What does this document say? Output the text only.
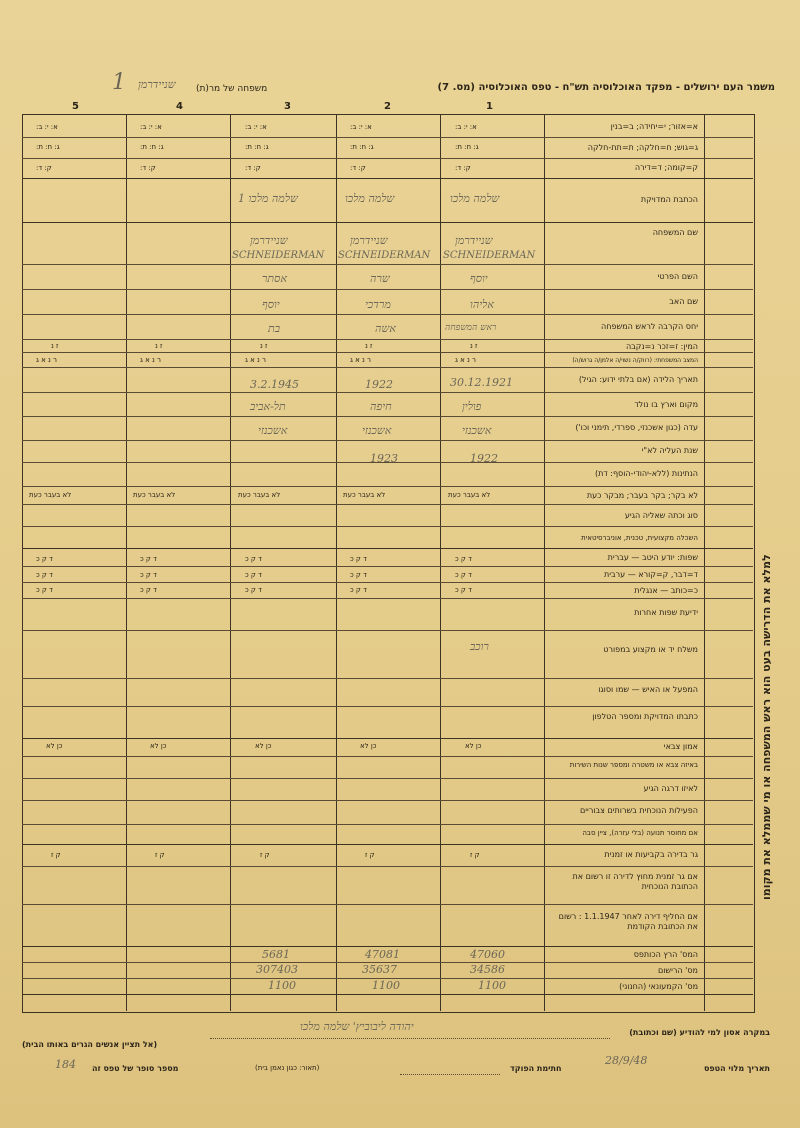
משמר העם ירושלים - מפקד האוכלוסיה תש"ח - טפס האוכלוסיה (מס. 7)
משפחה של מר(ת)
שניידרמן
1
1
2
3
4
5
א=אזור; י=יחידה; ב=בנין
ג=גוש; ח=חלקה; ת=תת-חלקה
ק=קומה; ד=דירה
הכתבת המדויקת
שם המשפחה
השם הפרטי
שם האב
יחס הקרבה לראש המשפחה
המין: ז=זכר נ=נקבה
המצב המשפחתי: (רווק/ה נשוי/ה אלמן/ה גרוש/ה)
תאריך הלידה (אם בלתי ידוע: הגיל)
מקום וארץ בו נולד
עדה (כגון אשכנזי, ספרדי, תימני וכו')
שנת העליה לא"י
הנתינות (ללא-יהודי-הוסף: דת)
לא בקר; בקר בעבר; מבקר כעת
סוג וכתה שאליה הגיע
השכלה מקצועית, טכנית, אוניברסיטאית
שפות: יודע היטב — עברית
ד=דבר, ק=קורא — ערבית
כ=כותב — אנגלית
ידיעת שפות אחרות
משלח יד או מקצוע במפורט
המפעל או האיש — שמו וסוגו
כתבתו המדויקת ומספר הטלפון
אמון צבאי
באיזה צבא או משטרה ומספר שנות השירות
לאיזו דרגה הגיע
הפעילות הנוכחית בשרותים צבוריים
אם מחוסר תנועה (בלי עזרה), ציין סבה
גר בדירה בקביעות או זמנית
אם גר זמנית מחוץ לדירה זו רשום את הכתובת הנוכחית
אם החליף דירה לאחר 1.1.1947 : רשום את הכתובת הקודמת
המס' הרץ הכותפס
מס' הרישום
מס' הקמעונאי (החנוני)
א: י: ב:
א: י: ב:
א: י: ב:
א: י: ב:
א: י: ב:
ג: ח: ת:
ג: ח: ת:
ג: ח: ת:
ג: ח: ת:
ג: ח: ת:
ק: ד:
ק: ד:
ק: ד:
ק: ד:
ק: ד:
ז נ
ז נ
ז נ
ז נ
ז נ
ר נ א ג
ר נ א ג
ר נ א ג
ר נ א ג
ר נ א ג
לא בעבר כעת
לא בעבר כעת
לא בעבר כעת
לא בעבר כעת
לא בעבר כעת
ד ק כ
ד ק כ
ד ק כ
ד ק כ
ד ק כ
ד ק כ
ד ק כ
ד ק כ
ד ק כ
ד ק כ
ד ק כ
ד ק כ
ד ק כ
ד ק כ
ד ק כ
כן לא
כן לא
כן לא
כן לא
כן לא
ק ז
ק ז
ק ז
ק ז
ק ז
שלמה מלכו
שניידרמן
SCHNEIDERMAN
יוסף
אליהו
ראש המשפחה
30.12.1921
פולין
אשכנזי
1922
רוכב
שלמה מלכו
שניידרמן
SCHNEIDERMAN
שרה
מרדכי
אשה
1922
חיפה
אשכנזי
1923
שלמה מלכו 1
שניידרמן
SCHNEIDERMAN
אסתר
יוסף
בת
3.2.1945
תל-אביב
אשכנזי
47060
34586
1100
47081
35637
1100
5681
307403
1100
למלא את הדרישה בעט הוא ראש המשפחה או מי שממלא את מקומו
במקרה אסון למי להודיע (שם וכתובת)
(אל תציין אנשים הגרים באותו הבית)
יהודה ליבוביץ' שלמה מלכו
תאריך מלוי הטפס
28/9/48
חתימת הפוקד
(תאור: כגון נאמן בית)
מספר סופר של טפס זה
184
